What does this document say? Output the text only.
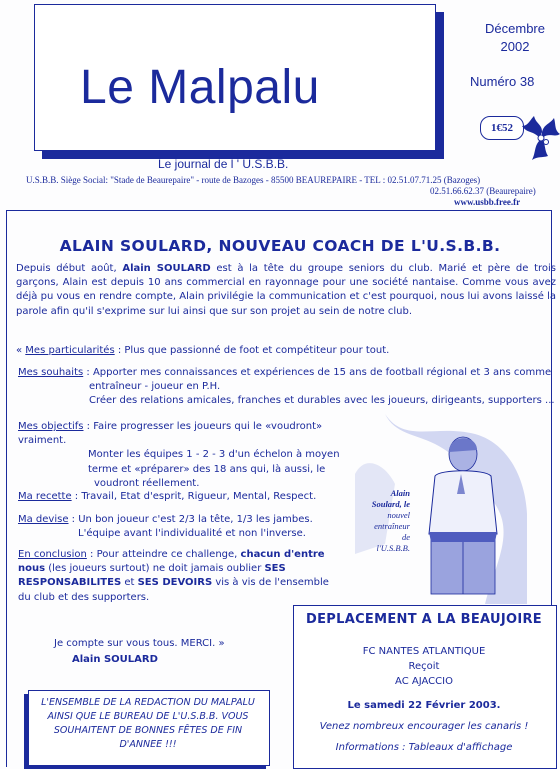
Le Malpalu
Décembre
2002
Numéro 38
1€52
Le journal de l ' U.S.B.B.
U.S.B.B. Siège Social: "Stade de Beaurepaire" - route de Bazoges - 85500 BEAUREPAIRE - TEL : 02.51.07.71.25 (Bazoges)
02.51.66.62.37 (Beaurepaire)
www.usbb.free.fr
ALAIN SOULARD, NOUVEAU COACH DE L'U.S.B.B.
Depuis début août, Alain SOULARD est à la tête du groupe seniors du club. Marié et père de trois garçons, Alain est depuis 10 ans commercial en rayonnage pour une société nantaise. Comme vous avez déjà pu vous en rendre compte, Alain privilégie la communication et c'est pourquoi, nous lui avons laissé la parole afin qu'il s'exprime sur lui ainsi que sur son projet au sein de notre club.
« Mes particularités : Plus que passionné de foot et compétiteur pour tout.
Mes souhaits : Apporter mes connaissances et expériences de 15 ans de football régional et 3 ans comme
entraîneur - joueur en P.H.
Créer des relations amicales, franches et durables avec les joueurs, dirigeants, supporters ...
Mes objectifs : Faire progresser les joueurs qui le «voudront» vraiment.
Monter les équipes 1 - 2 - 3 d'un échelon à moyen
terme et «préparer» des 18 ans qui, là aussi, le
voudront réellement.
Ma recette : Travail, Etat d'esprit, Rigueur, Mental, Respect.
Ma devise : Un bon joueur c'est 2/3 la tête, 1/3 les jambes.
L'équipe avant l'individualité et non l'inverse.
En conclusion : Pour atteindre ce challenge, chacun d'entre nous (les joueurs surtout) ne doit jamais oublier SES RESPONSABILITES et SES DEVOIRS vis à vis de l'ensemble du club et des supporters.
Je compte sur vous tous. MERCI. »
Alain SOULARD
Alain
Soulard, le
nouvel
entraîneur
de
l'U.S.B.B.
DEPLACEMENT A LA BEAUJOIRE
FC NANTES ATLANTIQUE
Reçoit
AC AJACCIO
Le samedi 22 Février 2003.
Venez nombreux encourager les canaris !
Informations : Tableaux d'affichage
L'ENSEMBLE DE LA REDACTION DU MALPALU AINSI QUE LE BUREAU DE L'U.S.B.B. VOUS SOUHAITENT DE BONNES FÊTES DE FIN D'ANNEE !!!
